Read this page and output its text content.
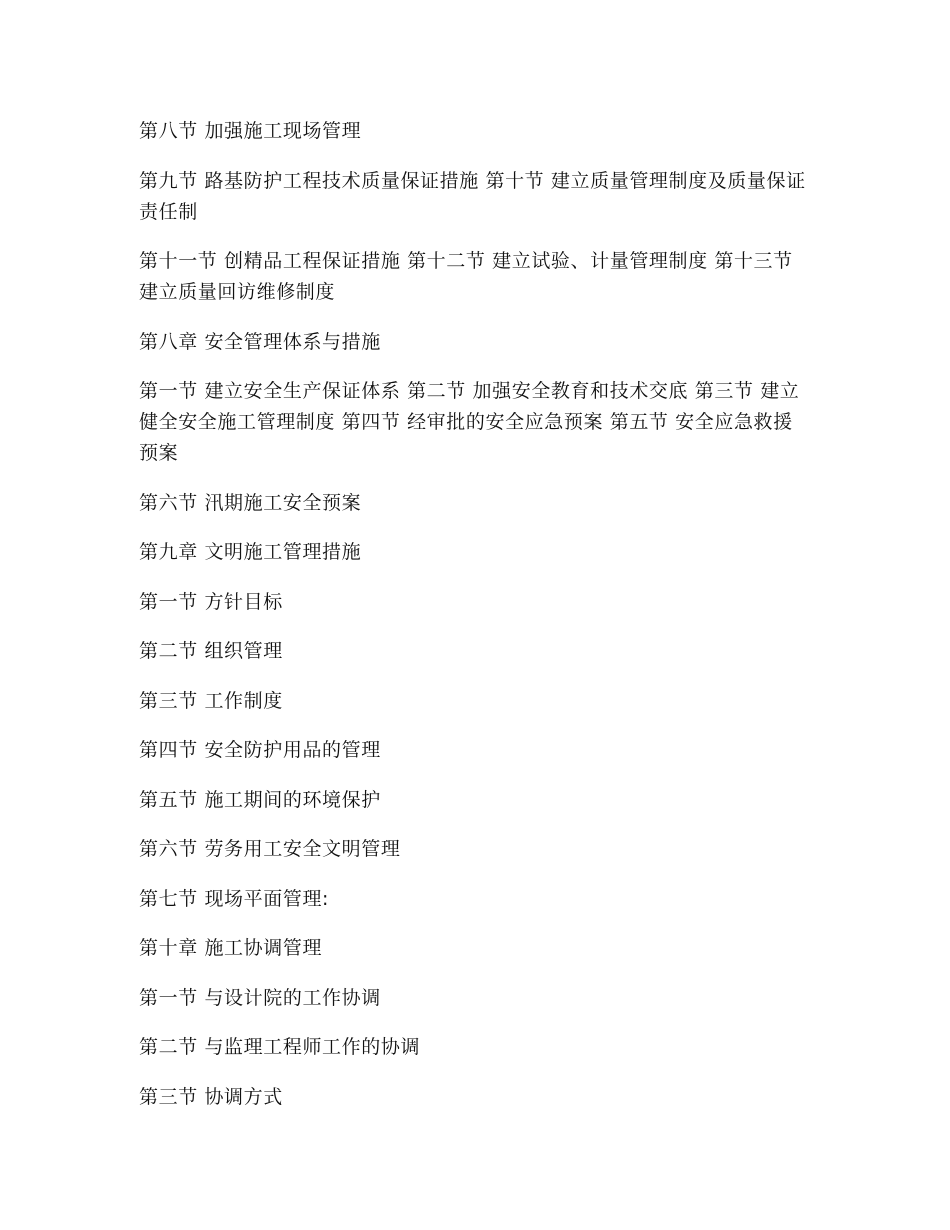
第八节 加强施工现场管理

第九节 路基防护工程技术质量保证措施 第十节 建立质量管理制度及质量保证责任制

第十一节 创精品工程保证措施 第十二节 建立试验、计量管理制度 第十三节 建立质量回访维修制度

第八章 安全管理体系与措施

第一节 建立安全生产保证体系 第二节 加强安全教育和技术交底 第三节 建立健全安全施工管理制度 第四节 经审批的安全应急预案 第五节 安全应急救援预案

第六节 汛期施工安全预案

第九章 文明施工管理措施

第一节 方针目标

第二节 组织管理

第三节 工作制度

第四节 安全防护用品的管理

第五节 施工期间的环境保护

第六节 劳务用工安全文明管理

第七节 现场平面管理:

第十章 施工协调管理

第一节 与设计院的工作协调

第二节 与监理工程师工作的协调

第三节 协调方式
